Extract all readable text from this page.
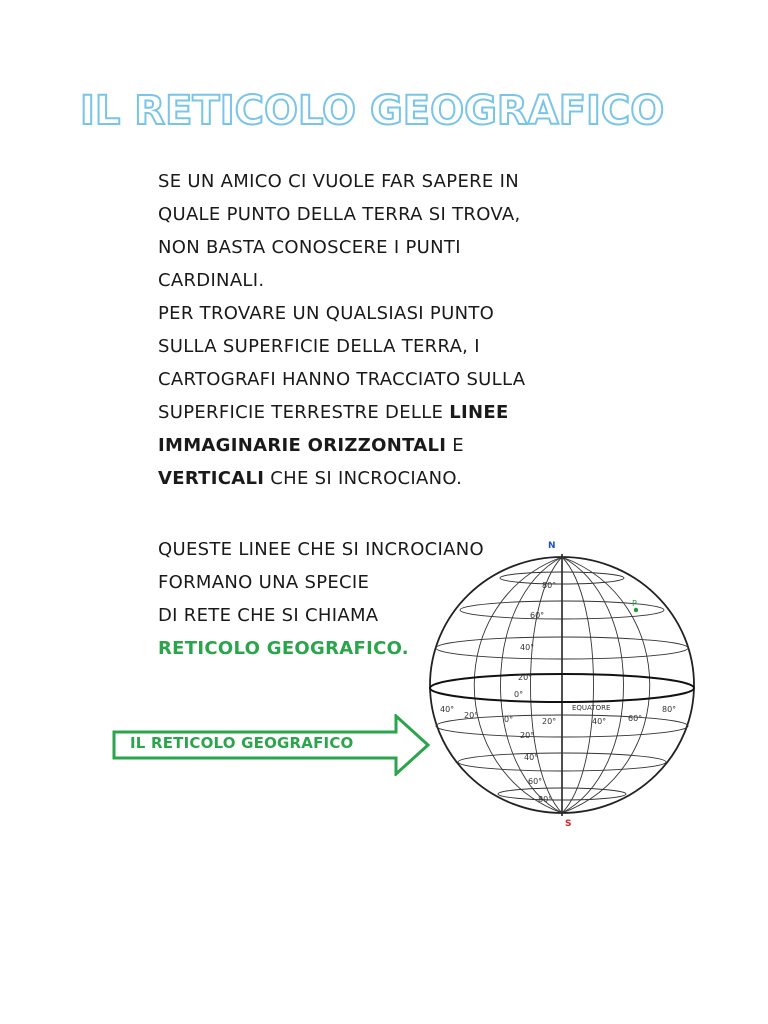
IL RETICOLO GEOGRAFICO
SE UN AMICO CI VUOLE FAR SAPERE IN
QUALE PUNTO DELLA TERRA SI TROVA,
NON BASTA CONOSCERE I PUNTI
CARDINALI.
PER TROVARE UN QUALSIASI PUNTO
SULLA SUPERFICIE DELLA TERRA, I
CARTOGRAFI HANNO TRACCIATO SULLA
SUPERFICIE TERRESTRE DELLE LINEE
IMMAGINARIE ORIZZONTALI E
VERTICALI CHE SI INCROCIANO.
QUESTE LINEE CHE SI INCROCIANO
FORMANO UNA SPECIE
DI RETE CHE SI CHIAMA
RETICOLO GEOGRAFICO.
IL RETICOLO GEOGRAFICO
N
S
P
80°
60°
40°
20°
0°
EQUATORE
40°
20°	0°	20°	40°	60°
80°
20°
40°
60°
80°
